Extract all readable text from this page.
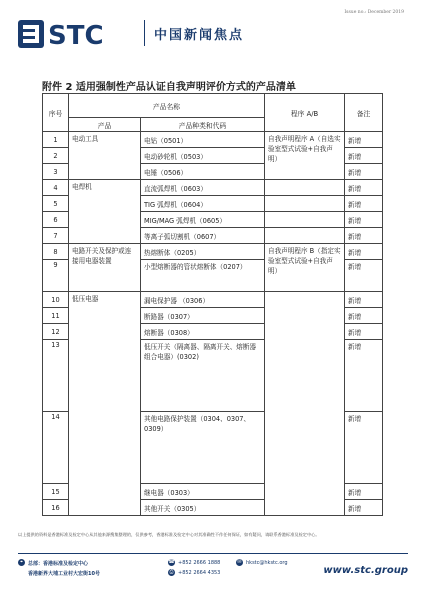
Issue no.: December 2019
STC	中国新闻焦点
附件 2 适用强制性产品认证自我声明评价方式的产品清单
序号	产品名称		程序 A/B	备注
	产品	产品种类和代码		
1	电动工具	电钻（0501）	自我声明程序 A（自选实验室型式试验+自我声明）	新增
2		电动砂轮机（0503）		新增
3		电锤（0506）		新增
4	电焊机	直流弧焊机（0603）		新增
5		TIG 弧焊机（0604）		新增
6		MIG/MAG 弧焊机（0605）		新增
7		等离子弧切割机（0607）		新增
8	电路开关及保护或连接用电器装置	热熔断体（0205）	自我声明程序 B（指定实验室型式试验+自我声明）	新增
9		小型熔断器的管状熔断体（0207）		新增
10	低压电器	漏电保护器 （0306）		新增
11		断路器（0307）		新增
12		熔断器（0308）		新增
13		低压开关（隔离器、隔离开关、熔断器组合电器）(0302)		新增
14		其他电路保护装置（0304、0307、0309）		新增
15		继电器（0303）		新增
16		其他开关（0305）		新增
以上提供的资料是香港标准及检定中心从其他来源搜集整理的，仅供参考，香港标准及检定中心对其准确性不作任何保证，如有疑问，请联系香港标准及检定中心。
⌖	总部：香港标准及检定中心
香港新界大埔工业村大宏街10号
☎ +852 2666 1888
⎙ +852 2664 4353
✉ hkstc@hkstc.org
www.stc.group
